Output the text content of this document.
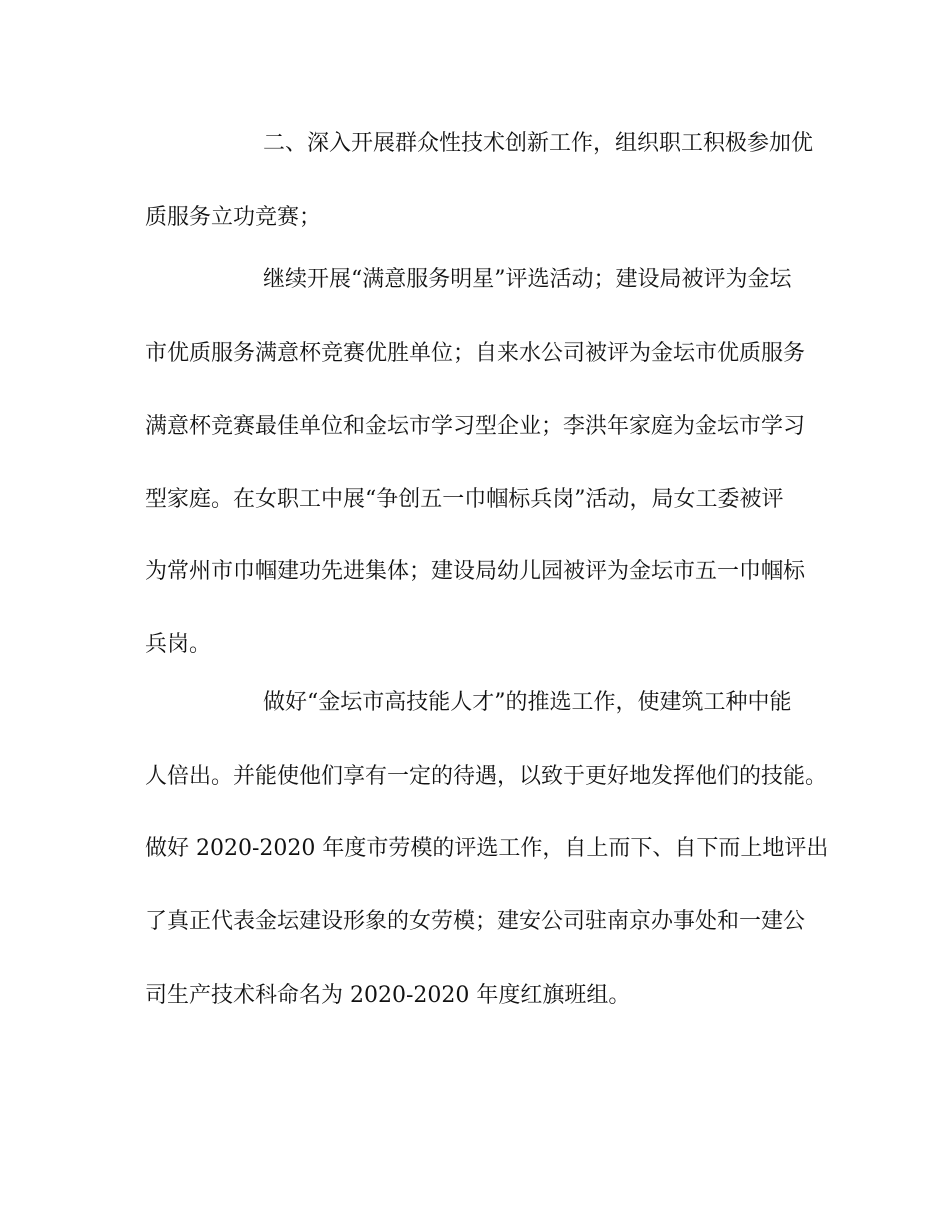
二、深入开展群众性技术创新工作，组织职工积极参加优
质服务立功竞赛；
继续开展“满意服务明星”评选活动；建设局被评为金坛
市优质服务满意杯竞赛优胜单位；自来水公司被评为金坛市优质服务
满意杯竞赛最佳单位和金坛市学习型企业；李洪年家庭为金坛市学习
型家庭。在女职工中展“争创五一巾帼标兵岗”活动，局女工委被评
为常州市巾帼建功先进集体；建设局幼儿园被评为金坛市五一巾帼标
兵岗。
做好“金坛市高技能人才”的推选工作，使建筑工种中能
人倍出。并能使他们享有一定的待遇，以致于更好地发挥他们的技能。
做好 2020-2020 年度市劳模的评选工作，自上而下、自下而上地评出
了真正代表金坛建设形象的女劳模；建安公司驻南京办事处和一建公
司生产技术科命名为 2020-2020 年度红旗班组。
